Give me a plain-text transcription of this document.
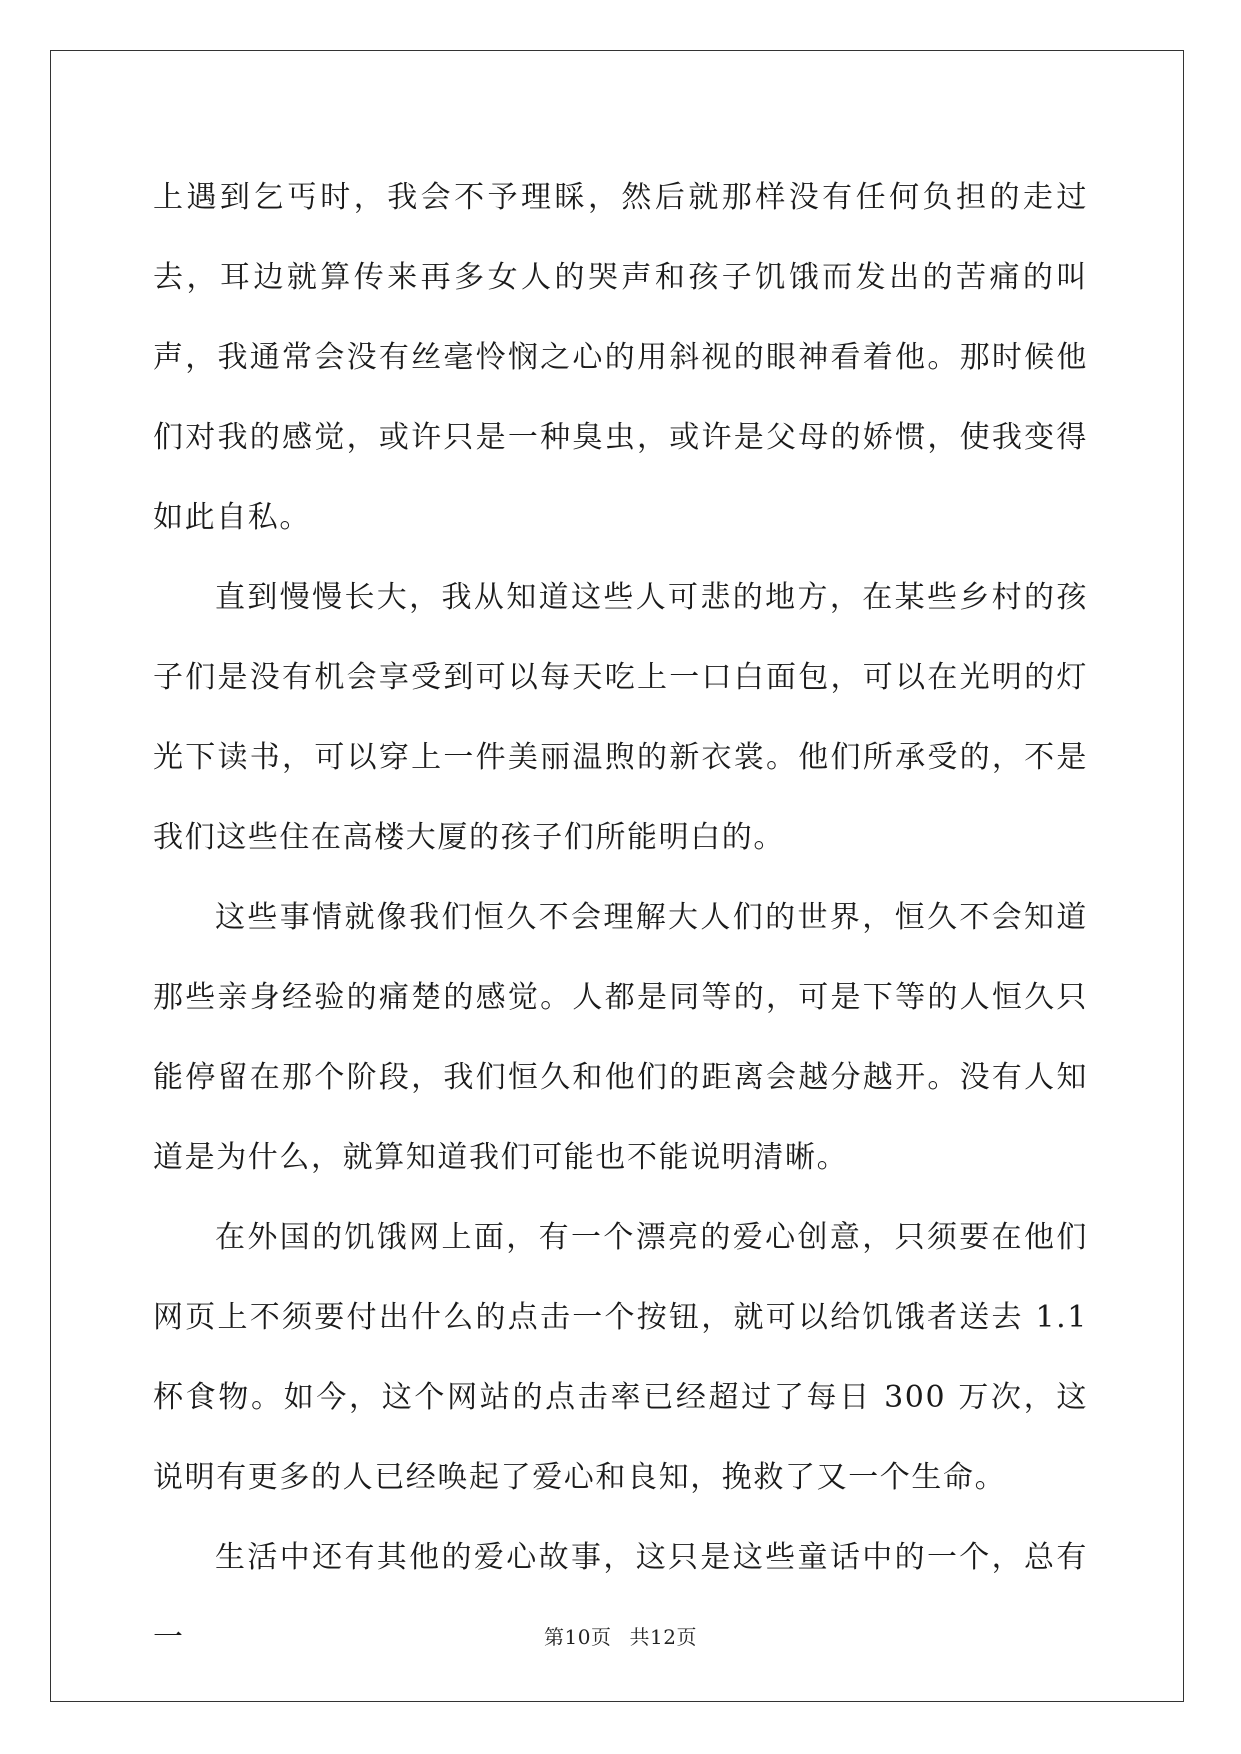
上遇到乞丐时，我会不予理睬，然后就那样没有任何负担的走过去，耳边就算传来再多女人的哭声和孩子饥饿而发出的苦痛的叫声，我通常会没有丝毫怜悯之心的用斜视的眼神看着他。那时候他们对我的感觉，或许只是一种臭虫，或许是父母的娇惯，使我变得如此自私。

直到慢慢长大，我从知道这些人可悲的地方，在某些乡村的孩子们是没有机会享受到可以每天吃上一口白面包，可以在光明的灯光下读书，可以穿上一件美丽温煦的新衣裳。他们所承受的，不是我们这些住在高楼大厦的孩子们所能明白的。

这些事情就像我们恒久不会理解大人们的世界，恒久不会知道那些亲身经验的痛楚的感觉。人都是同等的，可是下等的人恒久只能停留在那个阶段，我们恒久和他们的距离会越分越开。没有人知道是为什么，就算知道我们可能也不能说明清晰。

在外国的饥饿网上面，有一个漂亮的爱心创意，只须要在他们网页上不须要付出什么的点击一个按钮，就可以给饥饿者送去 1.1 杯食物。如今，这个网站的点击率已经超过了每日 300 万次，这说明有更多的人已经唤起了爱心和良知，挽救了又一个生命。

生活中还有其他的爱心故事，这只是这些童话中的一个，总有一	第10页 共12页
